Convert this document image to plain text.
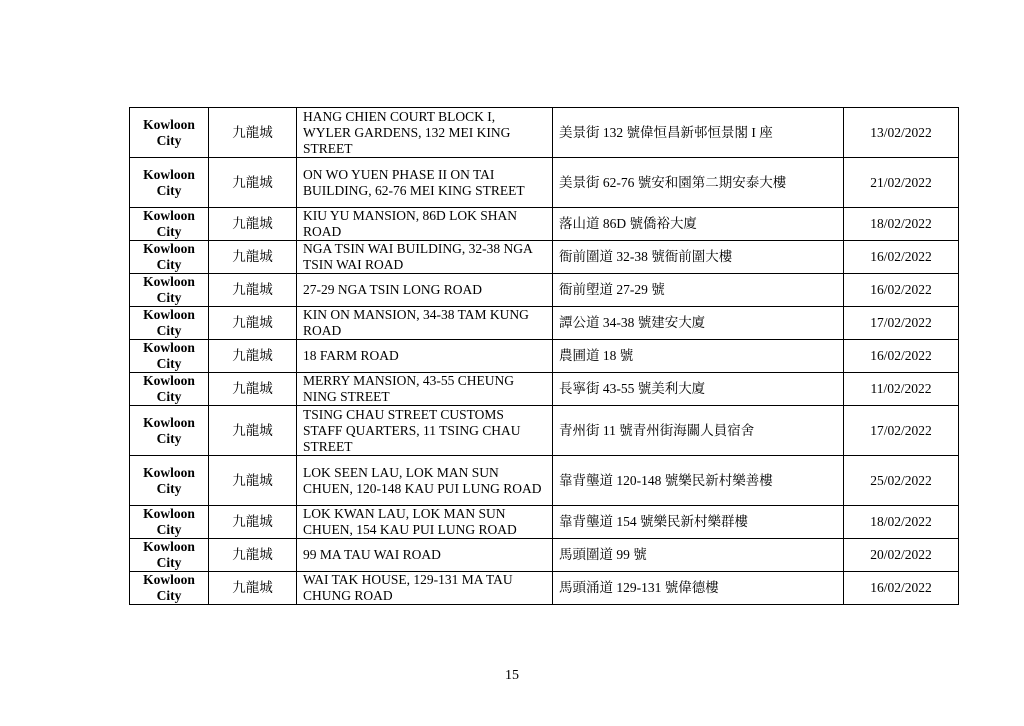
Kowloon City	九龍城	HANG CHIEN COURT BLOCK I, WYLER GARDENS, 132 MEI KING STREET	美景街 132 號偉恒昌新邨恒景閣 I 座	13/02/2022
Kowloon City	九龍城	ON WO YUEN PHASE II ON TAI BUILDING, 62-76 MEI KING STREET	美景街 62-76 號安和園第二期安泰大樓	21/02/2022
Kowloon City	九龍城	KIU YU MANSION, 86D LOK SHAN ROAD	落山道 86D 號僑裕大廈	18/02/2022
Kowloon City	九龍城	NGA TSIN WAI BUILDING, 32-38 NGA TSIN WAI ROAD	衙前圍道 32-38 號衙前圍大樓	16/02/2022
Kowloon City	九龍城	27-29 NGA TSIN LONG ROAD	衙前塱道 27-29 號	16/02/2022
Kowloon City	九龍城	KIN ON MANSION, 34-38 TAM KUNG ROAD	譚公道 34-38 號建安大廈	17/02/2022
Kowloon City	九龍城	18 FARM ROAD	農圃道 18 號	16/02/2022
Kowloon City	九龍城	MERRY MANSION, 43-55 CHEUNG NING STREET	長寧街 43-55 號美利大廈	11/02/2022
Kowloon City	九龍城	TSING CHAU STREET CUSTOMS STAFF QUARTERS, 11 TSING CHAU STREET	青州街 11 號青州街海關人員宿舍	17/02/2022
Kowloon City	九龍城	LOK SEEN LAU, LOK MAN SUN CHUEN, 120-148 KAU PUI LUNG ROAD	靠背壟道 120-148 號樂民新村樂善樓	25/02/2022
Kowloon City	九龍城	LOK KWAN LAU, LOK MAN SUN CHUEN, 154 KAU PUI LUNG ROAD	靠背壟道 154 號樂民新村樂群樓	18/02/2022
Kowloon City	九龍城	99 MA TAU WAI ROAD	馬頭圍道 99 號	20/02/2022
Kowloon City	九龍城	WAI TAK HOUSE, 129-131 MA TAU CHUNG ROAD	馬頭涌道 129-131 號偉德樓	16/02/2022
15
